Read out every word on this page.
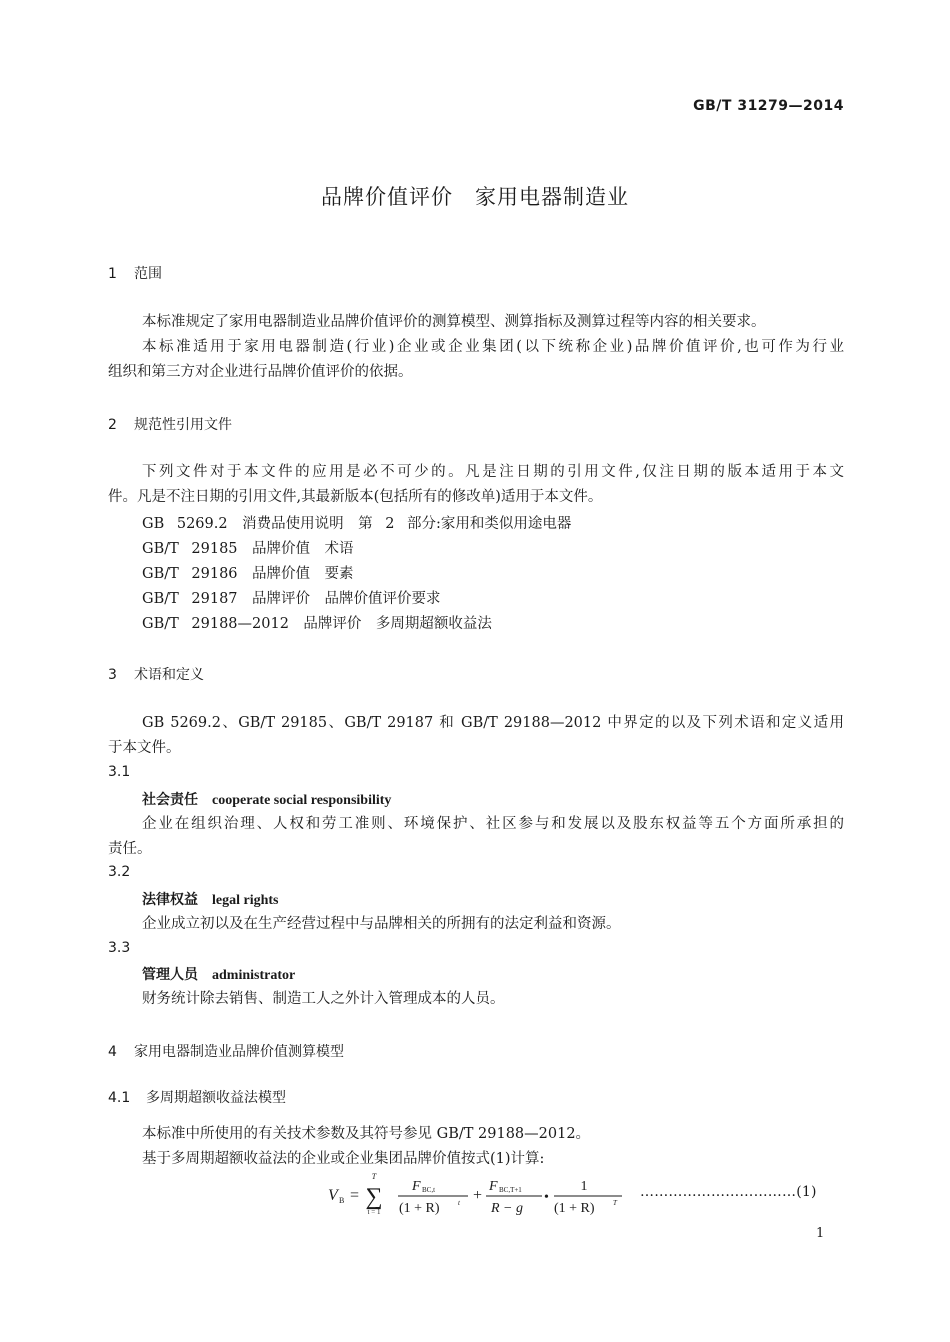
GB/T 31279—2014
品牌价值评价　家用电器制造业
1 范围
本标准规定了家用电器制造业品牌价值评价的测算模型、测算指标及测算过程等内容的相关要求。
本标准适用于家用电器制造(行业)企业或企业集团(以下统称企业)品牌价值评价,也可作为行业
组织和第三方对企业进行品牌价值评价的依据。
2 规范性引用文件
下列文件对于本文件的应用是必不可少的。凡是注日期的引用文件,仅注日期的版本适用于本文
件。凡是不注日期的引用文件,其最新版本(包括所有的修改单)适用于本文件。
GB 5269.2　消费品使用说明　第 2 部分:家用和类似用途电器
GB/T 29185　品牌价值　术语
GB/T 29186　品牌价值　要素
GB/T 29187　品牌评价　品牌价值评价要求
GB/T 29188—2012　品牌评价　多周期超额收益法
3 术语和定义
GB 5269.2、GB/T 29185、GB/T 29187 和 GB/T 29188—2012 中界定的以及下列术语和定义适用
于本文件。
3.1
社会责任 cooperate social responsibility
企业在组织治理、人权和劳工准则、环境保护、社区参与和发展以及股东权益等五个方面所承担的
责任。
3.2
法律权益 legal rights
企业成立初以及在生产经营过程中与品牌相关的所拥有的法定利益和资源。
3.3
管理人员 administrator
财务统计除去销售、制造工人之外计入管理成本的人员。
4 家用电器制造业品牌价值测算模型
4.1 多周期超额收益法模型
本标准中所使用的有关技术参数及其符号参见 GB/T 29188—2012。
基于多周期超额收益法的企业或企业集团品牌价值按式(1)计算:
V B =
T
∑
t = 1
F BC,t
(1 + R)	t +
F BC,T+1
R − g
•
1
(1 + R)	T
……………………………(1)
1
